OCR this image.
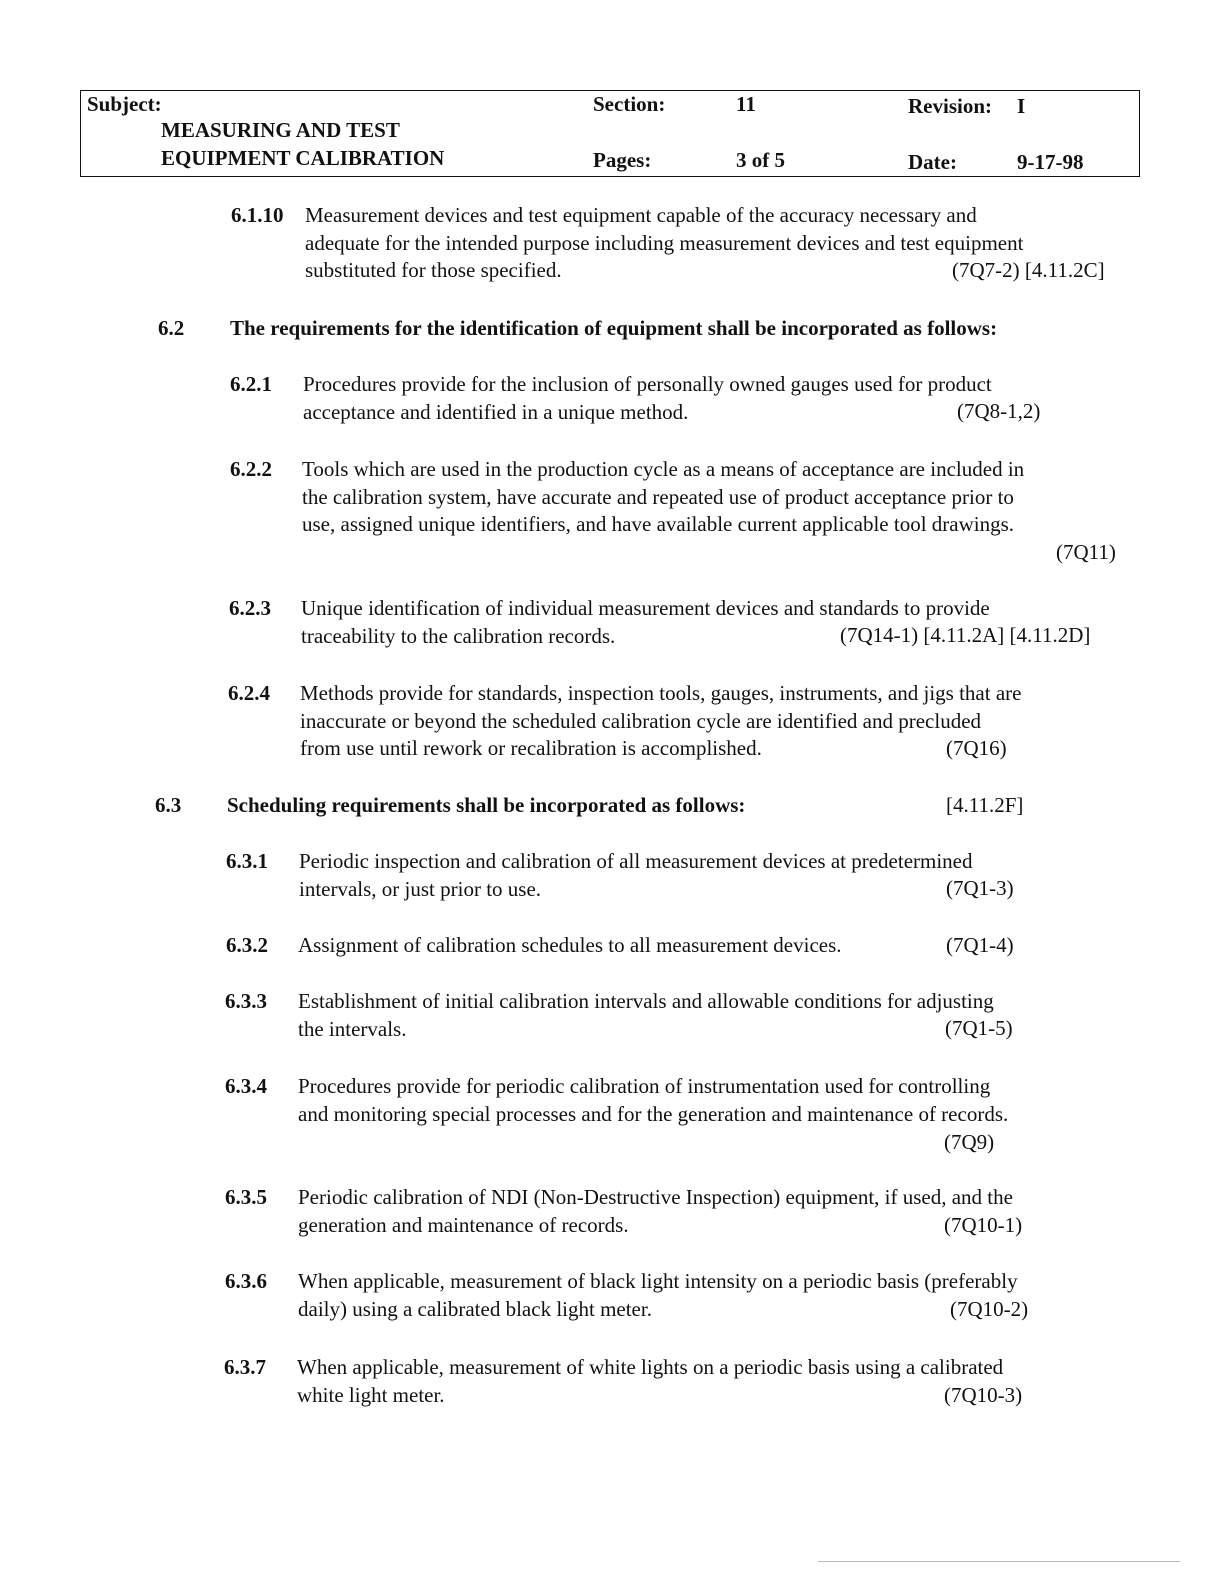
Subject:
MEASURING AND TEST
EQUIPMENT CALIBRATION
Section:	11	Revision: I
Pages:	3 of 5	Date:	9-17-98
6.1.10 Measurement devices and test equipment capable of the accuracy necessary and

adequate for the intended purpose including measurement devices and test equipment

substituted for those specified.	(7Q7-2) [4.11.2C]
6.2 The requirements for the identification of equipment shall be incorporated as follows:
6.2.1 Procedures provide for the inclusion of personally owned gauges used for product

acceptance and identified in a unique method.	(7Q8-1,2)
6.2.2 Tools which are used in the production cycle as a means of acceptance are included in

the calibration system, have accurate and repeated use of product acceptance prior to

use, assigned unique identifiers, and have available current applicable tool drawings.

(7Q11)
6.2.3 Unique identification of individual measurement devices and standards to provide

traceability to the calibration records.	(7Q14-1) [4.11.2A] [4.11.2D]
6.2.4 Methods provide for standards, inspection tools, gauges, instruments, and jigs that are

inaccurate or beyond the scheduled calibration cycle are identified and precluded

from use until rework or recalibration is accomplished.	(7Q16)
6.3 Scheduling requirements shall be incorporated as follows:	[4.11.2F]
6.3.1 Periodic inspection and calibration of all measurement devices at predetermined

intervals, or just prior to use.	(7Q1-3)
6.3.2 Assignment of calibration schedules to all measurement devices.	(7Q1-4)
6.3.3 Establishment of initial calibration intervals and allowable conditions for adjusting

the intervals.	(7Q1-5)
6.3.4 Procedures provide for periodic calibration of instrumentation used for controlling

and monitoring special processes and for the generation and maintenance of records.

(7Q9)
6.3.5 Periodic calibration of NDI (Non-Destructive Inspection) equipment, if used, and the

generation and maintenance of records.	(7Q10-1)
6.3.6 When applicable, measurement of black light intensity on a periodic basis (preferably

daily) using a calibrated black light meter.	(7Q10-2)
6.3.7 When applicable, measurement of white lights on a periodic basis using a calibrated

white light meter.	(7Q10-3)
